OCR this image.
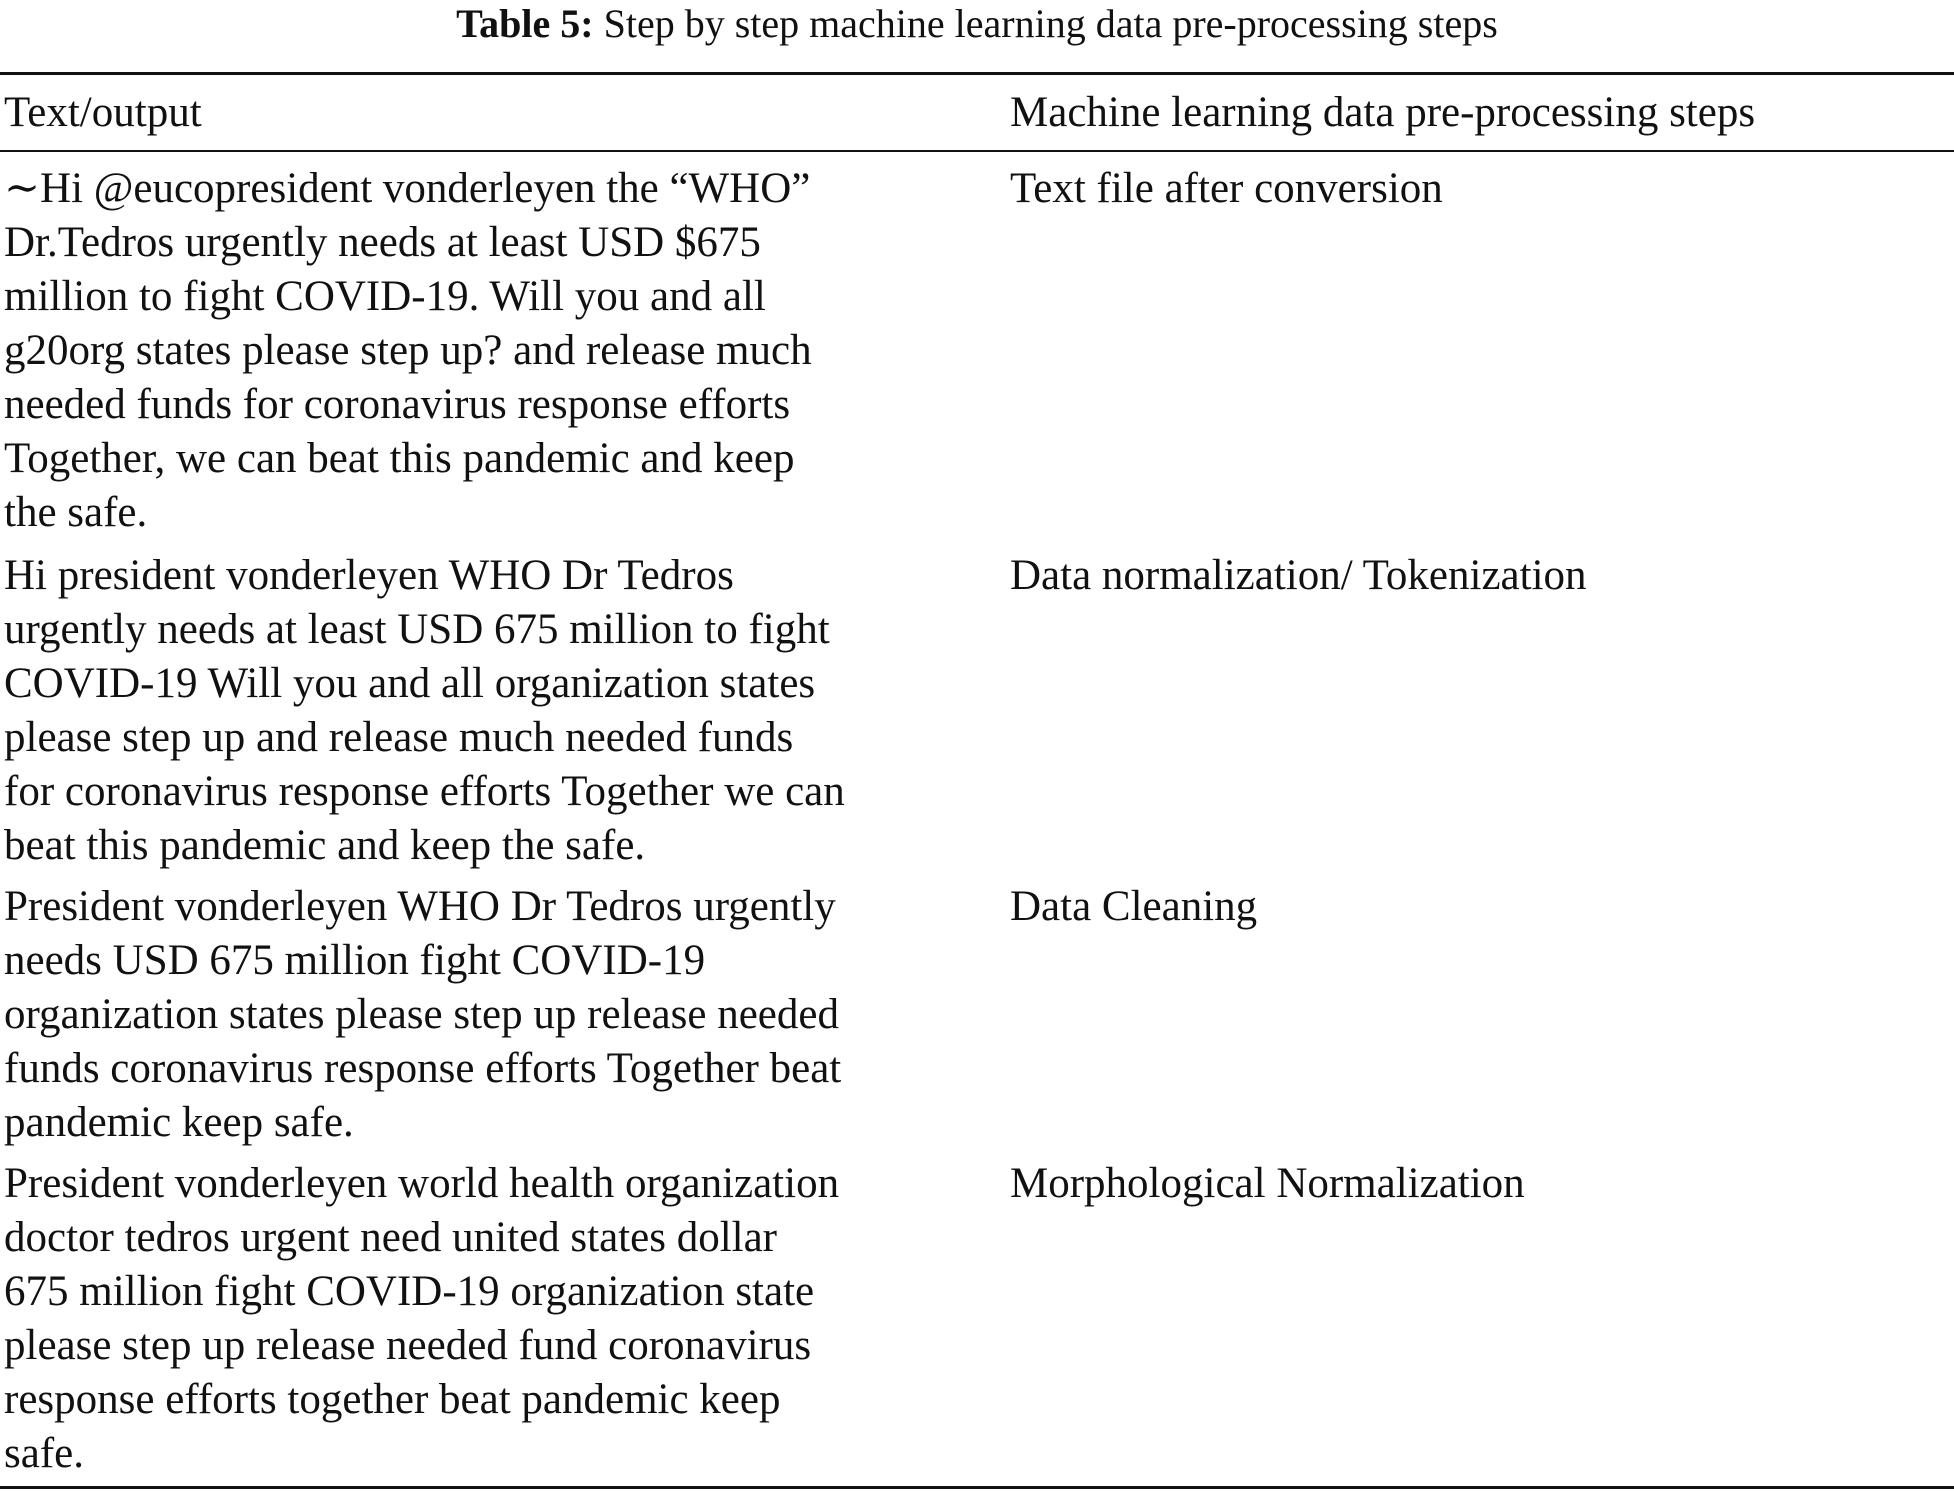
Table 5: Step by step machine learning data pre-processing steps
Text/output	Machine learning data pre-processing steps
∼Hi @eucopresident vonderleyen the “WHO”
Dr.Tedros urgently needs at least USD $675
million to fight COVID-19. Will you and all
g20org states please step up? and release much
needed funds for coronavirus response efforts
Together, we can beat this pandemic and keep
the safe.
Text file after conversion
Hi president vonderleyen WHO Dr Tedros
urgently needs at least USD 675 million to fight
COVID-19 Will you and all organization states
please step up and release much needed funds
for coronavirus response efforts Together we can
beat this pandemic and keep the safe.
Data normalization/ Tokenization
President vonderleyen WHO Dr Tedros urgently
needs USD 675 million fight COVID-19
organization states please step up release needed
funds coronavirus response efforts Together beat
pandemic keep safe.
Data Cleaning
President vonderleyen world health organization
doctor tedros urgent need united states dollar
675 million fight COVID-19 organization state
please step up release needed fund coronavirus
response efforts together beat pandemic keep
safe.
Morphological Normalization
